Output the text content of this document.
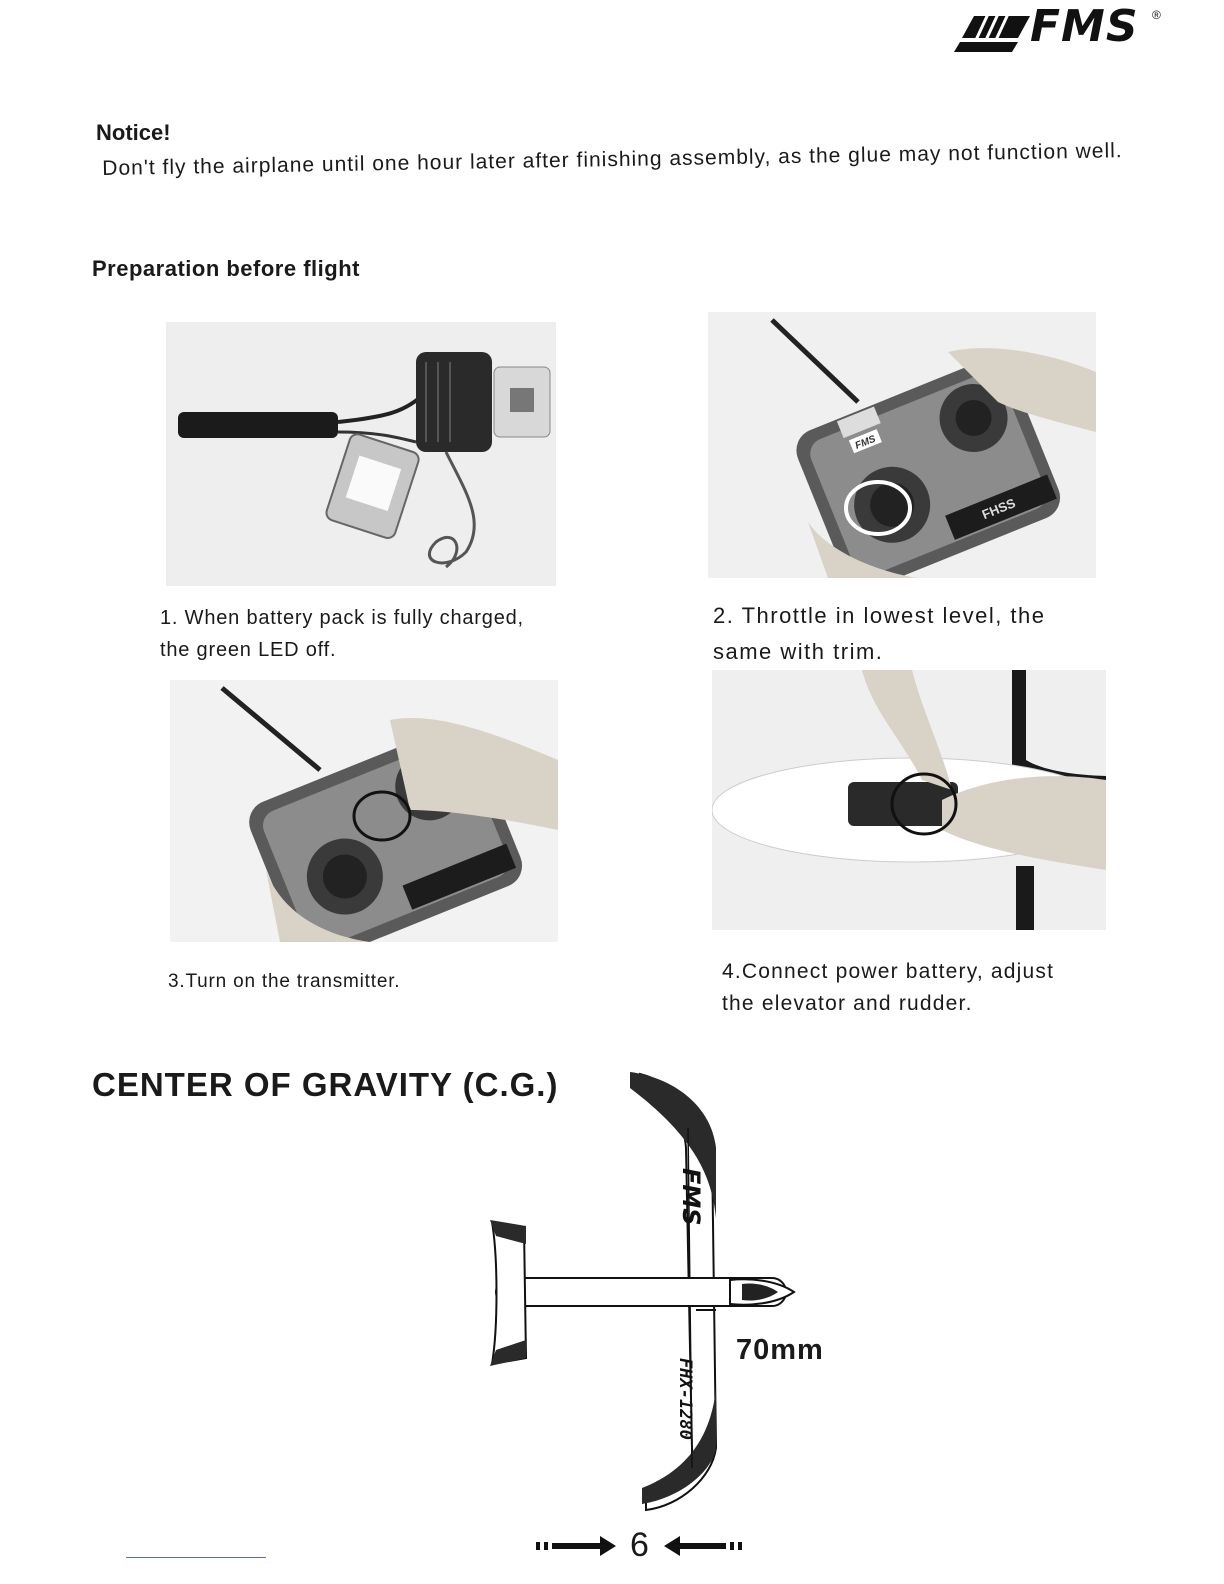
FMS ®
Notice!
Don't fly the airplane until one hour later after finishing assembly, as the glue may not function well.
Preparation before flight
1. When battery pack is fully charged,
the green LED off.
FHSS
FMS
2. Throttle in lowest level, the
same with trim.
3.Turn on the transmitter.	4.Connect power battery, adjust
the elevator and rudder.
CENTER OF GRAVITY (C.G.)
FMS
FHX-1280
70mm
6
